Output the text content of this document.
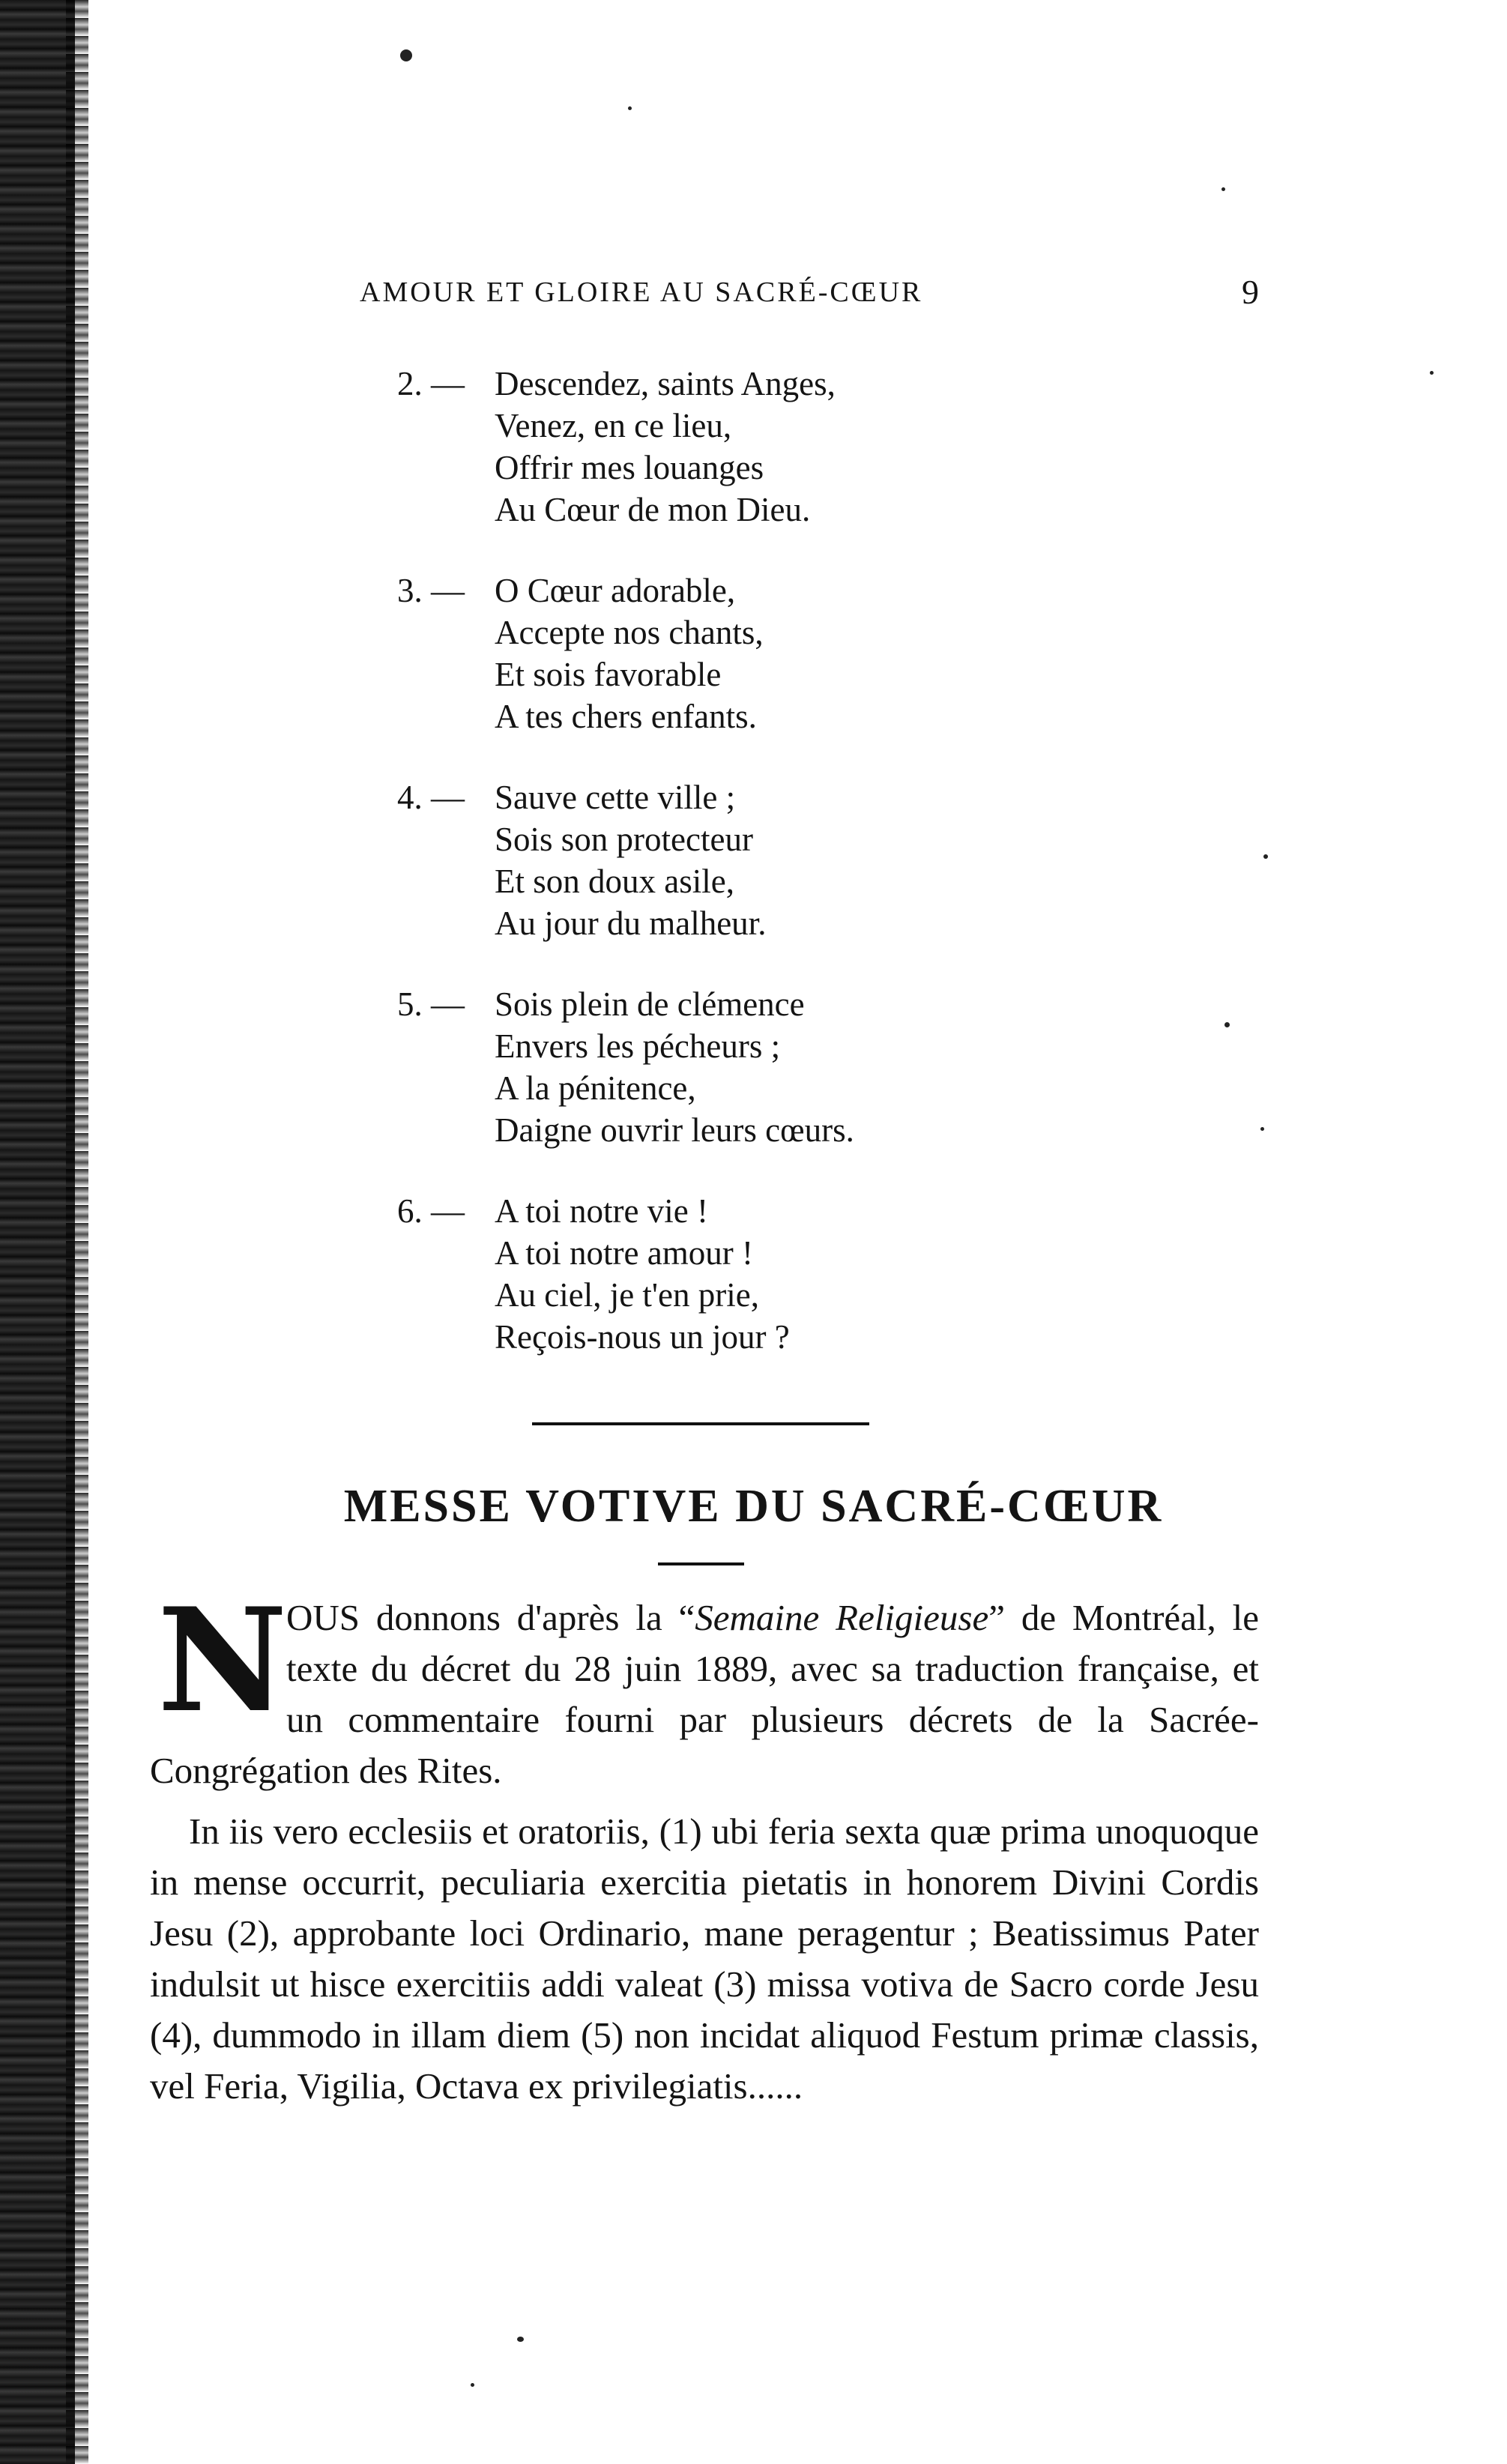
AMOUR ET GLOIRE AU SACRÉ-CŒUR	9
2. — Descendez, saints Anges,
Venez, en ce lieu,
Offrir mes louanges
Au Cœur de mon Dieu.
3. — O Cœur adorable,
Accepte nos chants,
Et sois favorable
A tes chers enfants.
4. — Sauve cette ville ;
Sois son protecteur
Et son doux asile,
Au jour du malheur.
5. — Sois plein de clémence
Envers les pécheurs ;
A la pénitence,
Daigne ouvrir leurs cœurs.
6. — A toi notre vie !
A toi notre amour !
Au ciel, je t'en prie,
Reçois-nous un jour ?
MESSE VOTIVE DU SACRÉ-CŒUR

N
OUS donnons d'après la “Semaine Religieuse” de Montréal, le texte du décret du 28 juin 1889, avec sa traduction française, et un commentaire fourni par plusieurs décrets de la Sacrée-Congrégation des Rites.

In iis vero ecclesiis et oratoriis, (1) ubi feria sexta quæ prima unoquoque in mense occurrit, peculiaria exercitia pietatis in honorem Divini Cordis Jesu (2), approbante loci Ordinario, mane peragentur ; Beatissimus Pater indulsit ut hisce exercitiis addi valeat (3) missa votiva de Sacro corde Jesu (4), dummodo in illam diem (5) non incidat aliquod Festum primæ classis, vel Feria, Vigilia, Octava ex privilegiatis......
